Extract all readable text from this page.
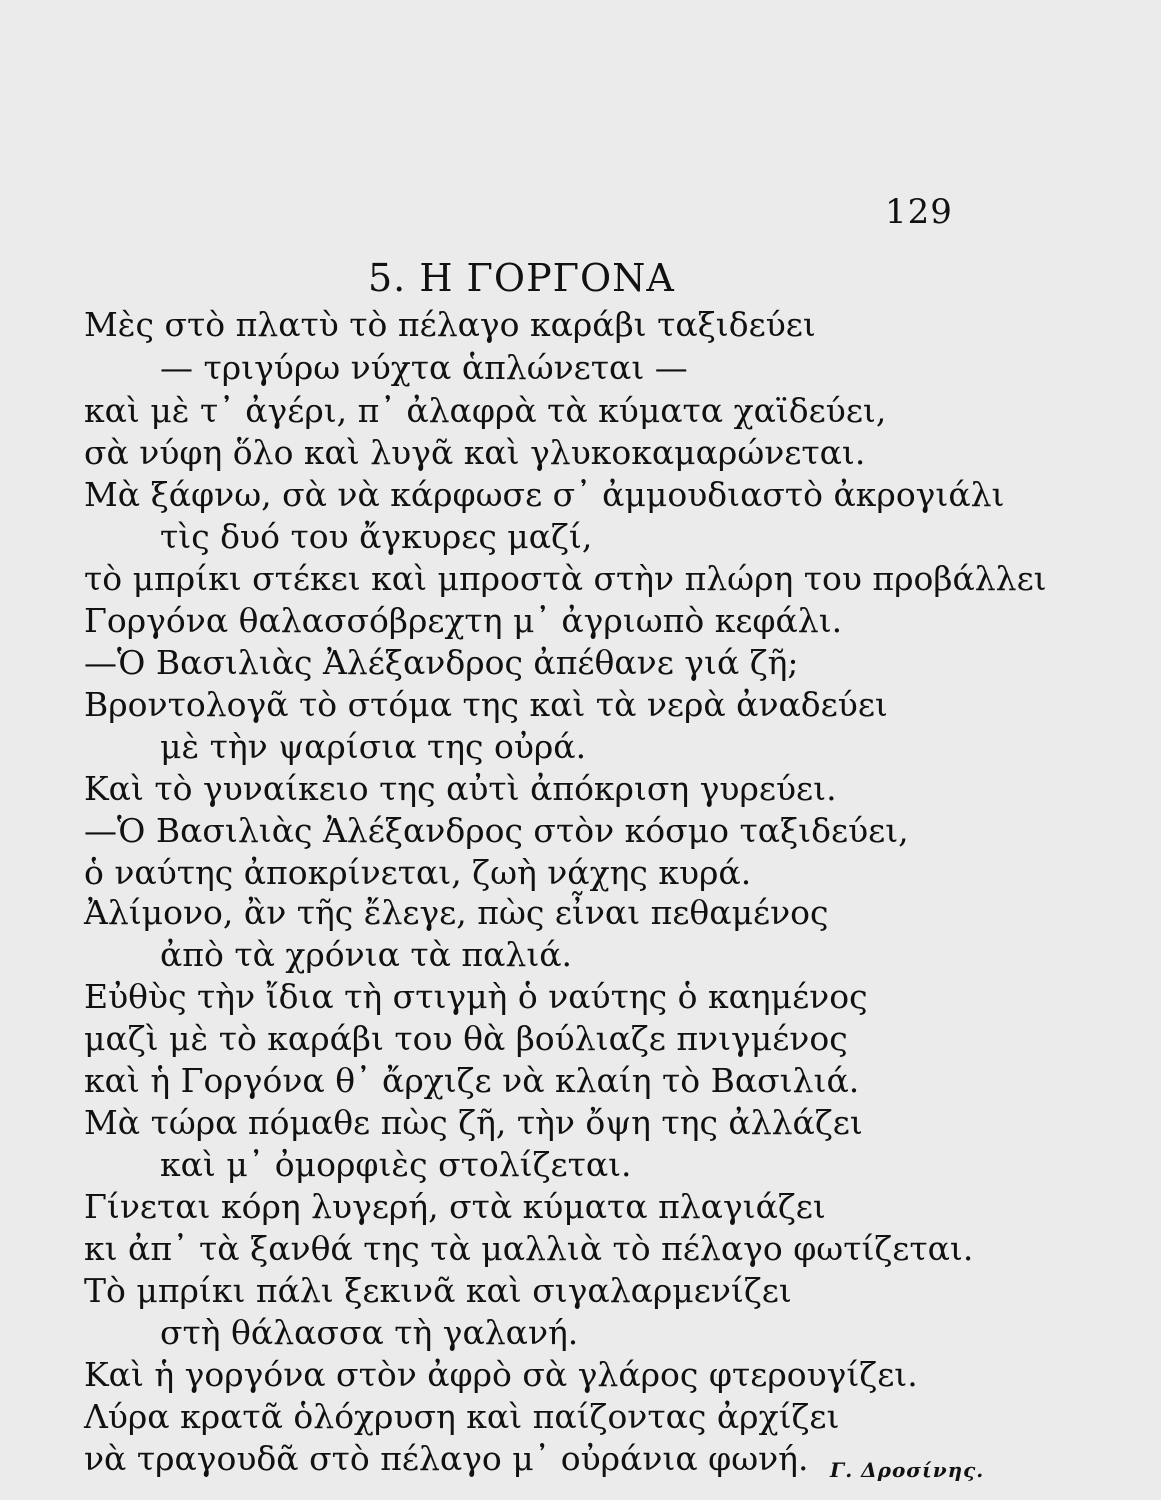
129
5. Η ΓΟΡΓΟΝΑ
Μὲς στὸ πλατὺ τὸ πέλαγο καράβι ταξιδεύει
— τριγύρω νύχτα ἁπλώνεται —
καὶ μὲ τ᾿ ἀγέρι, π᾿ ἀλαφρὰ τὰ κύματα χαϊδεύει,
σὰ νύφη ὅλο καὶ λυγᾶ καὶ γλυκοκαμαρώνεται.
Μὰ ξάφνω, σὰ νὰ κάρφωσε σ᾿ ἀμμουδιαστὸ ἀκρογιάλι
τὶς δυό του ἄγκυρες μαζί,
τὸ μπρίκι στέκει καὶ μπροστὰ στὴν πλώρη του προβάλλει
Γοργόνα θαλασσόβρεχτη μ᾿ ἀγριωπὸ κεφάλι.
—Ὁ Βασιλιὰς Ἀλέξανδρος ἀπέθανε γιά ζῆ;
Βροντολογᾶ τὸ στόμα της καὶ τὰ νερὰ ἀναδεύει
μὲ τὴν ψαρίσια της οὐρά.
Καὶ τὸ γυναίκειο της αὐτὶ ἀπόκριση γυρεύει.
—Ὁ Βασιλιὰς Ἀλέξανδρος στὸν κόσμο ταξιδεύει,
ὁ ναύτης ἀποκρίνεται, ζωὴ νάχης κυρά.
Ἀλίμονο, ἂν τῆς ἔλεγε, πὼς εἶναι πεθαμένος
ἀπὸ τὰ χρόνια τὰ παλιά.
Εὐθὺς τὴν ἴδια τὴ στιγμὴ ὁ ναύτης ὁ καημένος
μαζὶ μὲ τὸ καράβι του θὰ βούλιαζε πνιγμένος
καὶ ἡ Γοργόνα θ᾿ ἄρχιζε νὰ κλαίη τὸ Βασιλιά.
Μὰ τώρα πόμαθε πὼς ζῆ, τὴν ὄψη της ἀλλάζει
καὶ μ᾿ ὀμορφιὲς στολίζεται.
Γίνεται κόρη λυγερή, στὰ κύματα πλαγιάζει
κι ἀπ᾿ τὰ ξανθά της τὰ μαλλιὰ τὸ πέλαγο φωτίζεται.
Τὸ μπρίκι πάλι ξεκινᾶ καὶ σιγαλαρμενίζει
στὴ θάλασσα τὴ γαλανή.
Καὶ ἡ γοργόνα στὸν ἀφρὸ σὰ γλάρος φτερουγίζει.
Λύρα κρατᾶ ὁλόχρυση καὶ παίζοντας ἀρχίζει
νὰ τραγουδᾶ στὸ πέλαγο μ᾿ οὐράνια φωνή. Γ. Δροσίνης.
